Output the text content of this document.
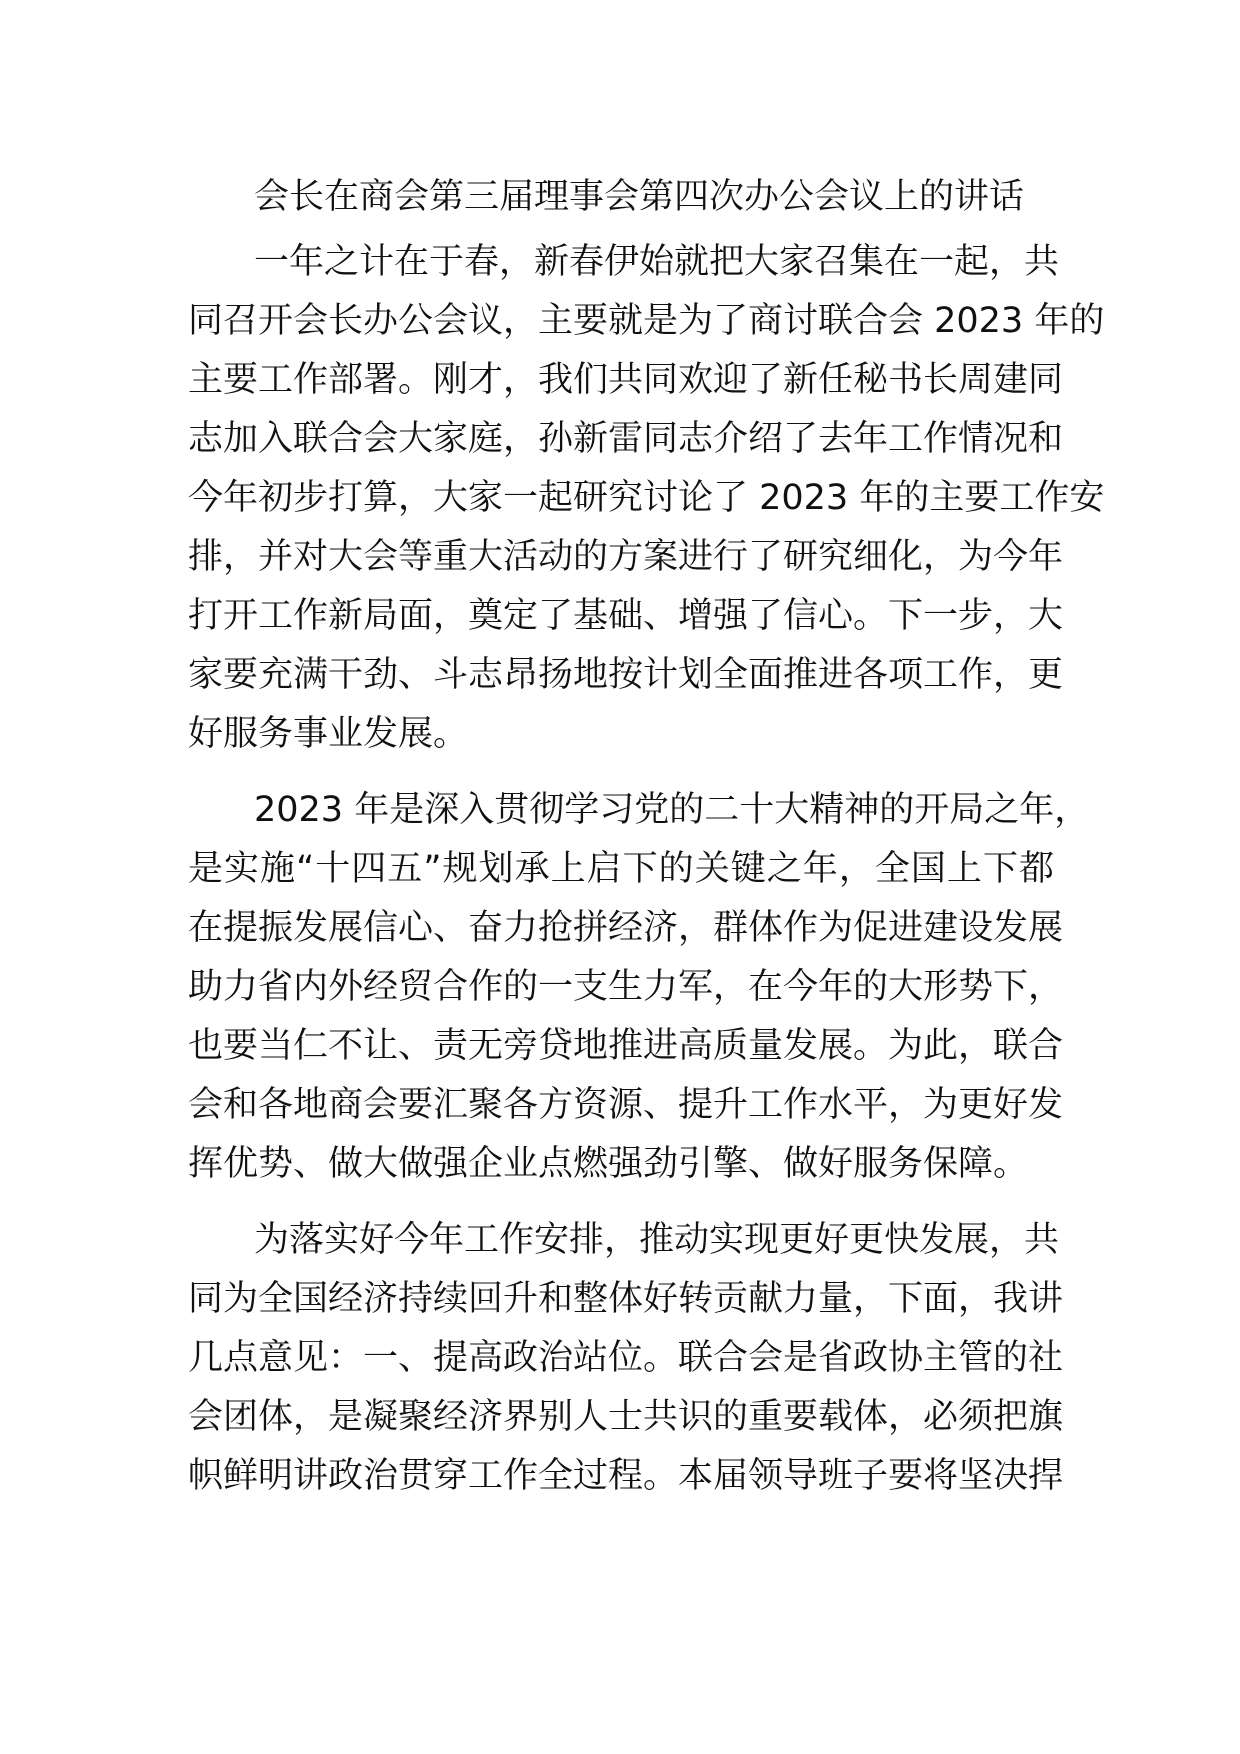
会长在商会第三届理事会第四次办公会议上的讲话
一年之计在于春，新春伊始就把大家召集在一起，共
同召开会长办公会议，主要就是为了商讨联合会 2023 年的
主要工作部署。刚才，我们共同欢迎了新任秘书长周建同
志加入联合会大家庭，孙新雷同志介绍了去年工作情况和
今年初步打算，大家一起研究讨论了 2023 年的主要工作安
排，并对大会等重大活动的方案进行了研究细化，为今年
打开工作新局面，奠定了基础、增强了信心。下一步，大
家要充满干劲、斗志昂扬地按计划全面推进各项工作，更
好服务事业发展。
2023 年是深入贯彻学习党的二十大精神的开局之年，
是实施“十四五”规划承上启下的关键之年，全国上下都
在提振发展信心、奋力抢拼经济，群体作为促进建设发展
助力省内外经贸合作的一支生力军，在今年的大形势下，
也要当仁不让、责无旁贷地推进高质量发展。为此，联合
会和各地商会要汇聚各方资源、提升工作水平，为更好发
挥优势、做大做强企业点燃强劲引擎、做好服务保障。
为落实好今年工作安排，推动实现更好更快发展，共
同为全国经济持续回升和整体好转贡献力量，下面，我讲
几点意见：一、提高政治站位。联合会是省政协主管的社
会团体，是凝聚经济界别人士共识的重要载体，必须把旗
帜鲜明讲政治贯穿工作全过程。本届领导班子要将坚决捍
